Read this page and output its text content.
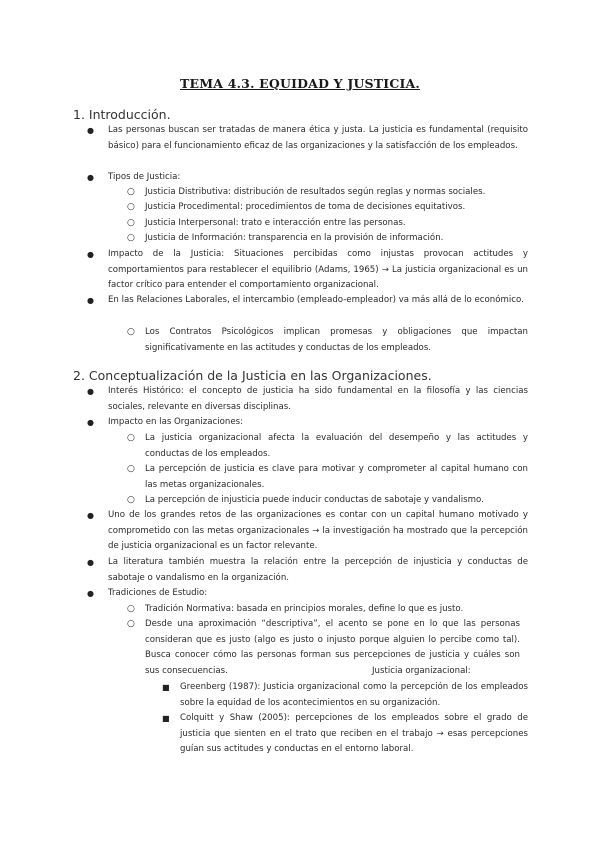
TEMA 4.3. EQUIDAD Y JUSTICIA.
1. Introducción.
● Las personas buscan ser tratadas de manera ética y justa. La justicia es fundamental (requisito básico) para el funcionamiento eficaz de las organizaciones y la satisfacción de los empleados.
● Tipos de Justicia:
○ Justicia Distributiva: distribución de resultados según reglas y normas sociales.
○ Justicia Procedimental: procedimientos de toma de decisiones equitativos.
○ Justicia Interpersonal: trato e interacción entre las personas.
○ Justicia de Información: transparencia en la provisión de información.
● Impacto de la Justicia: Situaciones percibidas como injustas provocan actitudes y comportamientos para restablecer el equilibrio (Adams, 1965) → La justicia organizacional es un factor crítico para entender el comportamiento organizacional.
● En las Relaciones Laborales, el intercambio (empleado-empleador) va más allá de lo económico.
○ Los Contratos Psicológicos implican promesas y obligaciones que impactan significativamente en las actitudes y conductas de los empleados.
2. Conceptualización de la Justicia en las Organizaciones.
● Interés Histórico: el concepto de justicia ha sido fundamental en la filosofía y las ciencias sociales, relevante en diversas disciplinas.
● Impacto en las Organizaciones:
○ La justicia organizacional afecta la evaluación del desempeño y las actitudes y conductas de los empleados.
○ La percepción de justicia es clave para motivar y comprometer al capital humano con las metas organizacionales.
○ La percepción de injusticia puede inducir conductas de sabotaje y vandalismo.
● Uno de los grandes retos de las organizaciones es contar con un capital humano motivado y comprometido con las metas organizacionales → la investigación ha mostrado que la percepción de justicia organizacional es un factor relevante.
● La literatura también muestra la relación entre la percepción de injusticia y conductas de sabotaje o vandalismo en la organización.
● Tradiciones de Estudio:
○ Tradición Normativa: basada en principios morales, define lo que es justo.
○ Desde una aproximación “descriptiva”, el acento se pone en lo que las personas consideran que es justo (algo es justo o injusto porque alguien lo percibe como tal). Busca conocer cómo las personas forman sus percepciones de justicia y cuáles son sus consecuencias.	Justicia organizacional:
■ Greenberg (1987): Justicia organizacional como la percepción de los empleados sobre la equidad de los acontecimientos en su organización.
■ Colquitt y Shaw (2005): percepciones de los empleados sobre el grado de justicia que sienten en el trato que reciben en el trabajo → esas percepciones guían sus actitudes y conductas en el entorno laboral.
